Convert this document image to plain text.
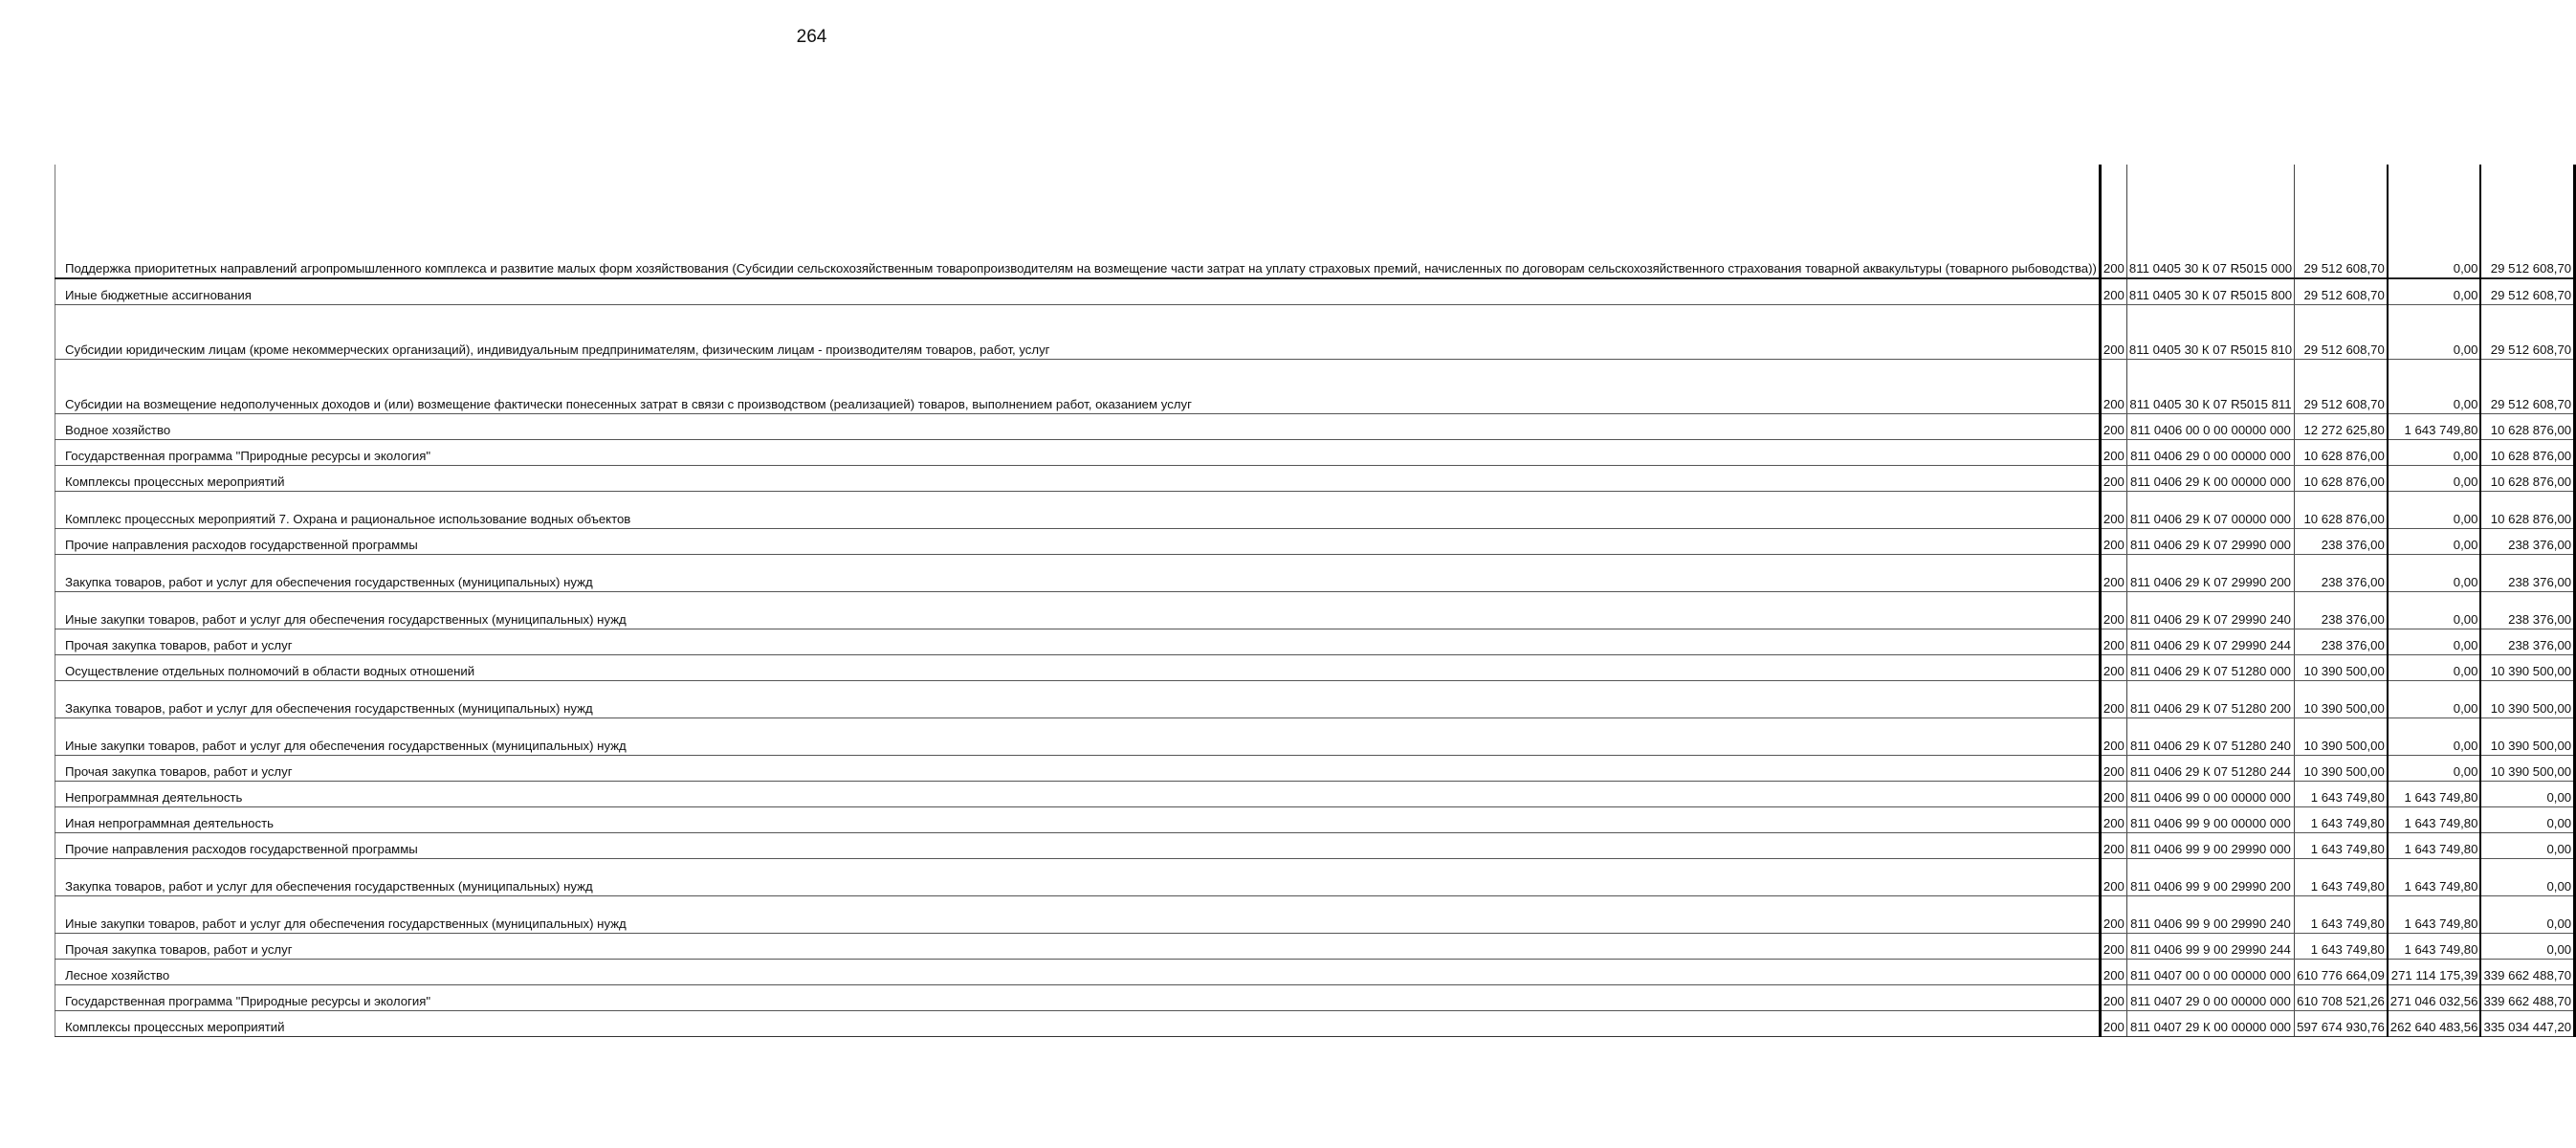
264
Поддержка приоритетных направлений агропромышленного комплекса и развитие малых форм хозяйствования (Субсидии сельскохозяйственным товаропроизводителям на возмещение части затрат на уплату страховых премий, начисленных по договорам сельскохозяйственного страхования товарной аквакультуры (товарного рыбоводства))	200	811 0405 30 К 07 R5015 000	29 512 608,70	0,00	29 512 608,70

Иные бюджетные ассигнования	200	811 0405 30 К 07 R5015 800	29 512 608,70	0,00	29 512 608,70

Субсидии юридическим лицам (кроме некоммерческих организаций), индивидуальным предпринимателям, физическим лицам - производителям товаров, работ, услуг	200	811 0405 30 К 07 R5015 810	29 512 608,70	0,00	29 512 608,70

Субсидии на возмещение недополученных доходов и (или) возмещение фактически понесенных затрат в связи с производством (реализацией) товаров, выполнением работ, оказанием услуг	200	811 0405 30 К 07 R5015 811	29 512 608,70	0,00	29 512 608,70

Водное хозяйство	200	811 0406 00 0 00 00000 000	12 272 625,80	1 643 749,80	10 628 876,00

Государственная программа "Природные ресурсы и экология"	200	811 0406 29 0 00 00000 000	10 628 876,00	0,00	10 628 876,00

Комплексы процессных мероприятий	200	811 0406 29 К 00 00000 000	10 628 876,00	0,00	10 628 876,00

Комплекс процессных мероприятий 7. Охрана и рациональное использование водных объектов	200	811 0406 29 К 07 00000 000	10 628 876,00	0,00	10 628 876,00

Прочие направления расходов государственной программы	200	811 0406 29 К 07 29990 000	238 376,00	0,00	238 376,00

Закупка товаров, работ и услуг для обеспечения государственных (муниципальных) нужд	200	811 0406 29 К 07 29990 200	238 376,00	0,00	238 376,00

Иные закупки товаров, работ и услуг для обеспечения государственных (муниципальных) нужд	200	811 0406 29 К 07 29990 240	238 376,00	0,00	238 376,00

Прочая закупка товаров, работ и услуг	200	811 0406 29 К 07 29990 244	238 376,00	0,00	238 376,00

Осуществление отдельных полномочий в области водных отношений	200	811 0406 29 К 07 51280 000	10 390 500,00	0,00	10 390 500,00

Закупка товаров, работ и услуг для обеспечения государственных (муниципальных) нужд	200	811 0406 29 К 07 51280 200	10 390 500,00	0,00	10 390 500,00

Иные закупки товаров, работ и услуг для обеспечения государственных (муниципальных) нужд	200	811 0406 29 К 07 51280 240	10 390 500,00	0,00	10 390 500,00

Прочая закупка товаров, работ и услуг	200	811 0406 29 К 07 51280 244	10 390 500,00	0,00	10 390 500,00

Непрограммная деятельность	200	811 0406 99 0 00 00000 000	1 643 749,80	1 643 749,80	0,00

Иная непрограммная деятельность	200	811 0406 99 9 00 00000 000	1 643 749,80	1 643 749,80	0,00

Прочие направления расходов государственной программы	200	811 0406 99 9 00 29990 000	1 643 749,80	1 643 749,80	0,00

Закупка товаров, работ и услуг для обеспечения государственных (муниципальных) нужд	200	811 0406 99 9 00 29990 200	1 643 749,80	1 643 749,80	0,00

Иные закупки товаров, работ и услуг для обеспечения государственных (муниципальных) нужд	200	811 0406 99 9 00 29990 240	1 643 749,80	1 643 749,80	0,00

Прочая закупка товаров, работ и услуг	200	811 0406 99 9 00 29990 244	1 643 749,80	1 643 749,80	0,00

Лесное хозяйство	200	811 0407 00 0 00 00000 000	610 776 664,09	271 114 175,39	339 662 488,70

Государственная программа "Природные ресурсы и экология"	200	811 0407 29 0 00 00000 000	610 708 521,26	271 046 032,56	339 662 488,70

Комплексы процессных мероприятий	200	811 0407 29 К 00 00000 000	597 674 930,76	262 640 483,56	335 034 447,20
